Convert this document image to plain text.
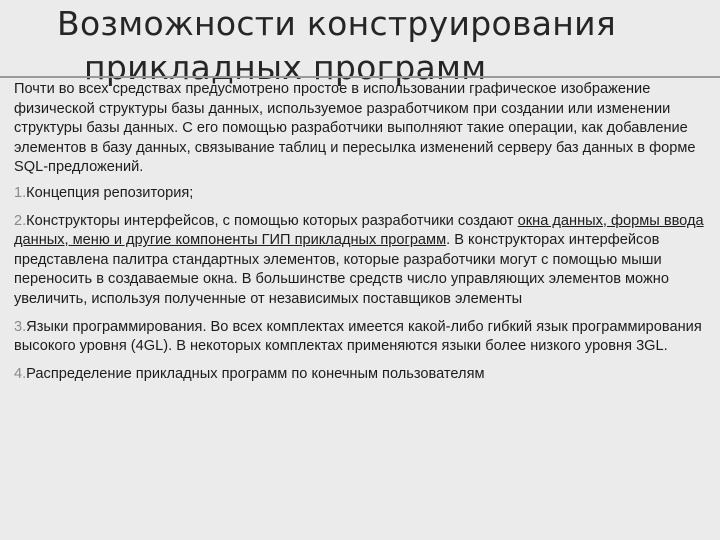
Возможности конструирования
прикладных программ

Почти во всех средствах предусмотрено простое в использовании графическое изображение физической структуры базы данных, используемое разработчиком при создании или изменении структуры базы данных. С его помощью разработчики выполняют такие операции, как добавление элементов в базу данных, связывание таблиц и пересылка изменений серверу баз данных в форме SQL-предложений.

1.Концепция репозитория;

2.Конструкторы интерфейсов, с помощью которых разработчики создают окна данных, формы ввода данных, меню и другие компоненты ГИП прикладных программ. В конструкторах интерфейсов представлена палитра стандартных элементов, которые разработчики могут с помощью мыши переносить в создаваемые окна. В большинстве средств число управляющих элементов можно увеличить, используя полученные от независимых поставщиков элементы

3.Языки программирования. Во всех комплектах имеется какой-либо гибкий язык программирования высокого уровня (4GL). В некоторых комплектах применяются языки более низкого уровня 3GL.

4.Распределение прикладных программ по конечным пользователям
